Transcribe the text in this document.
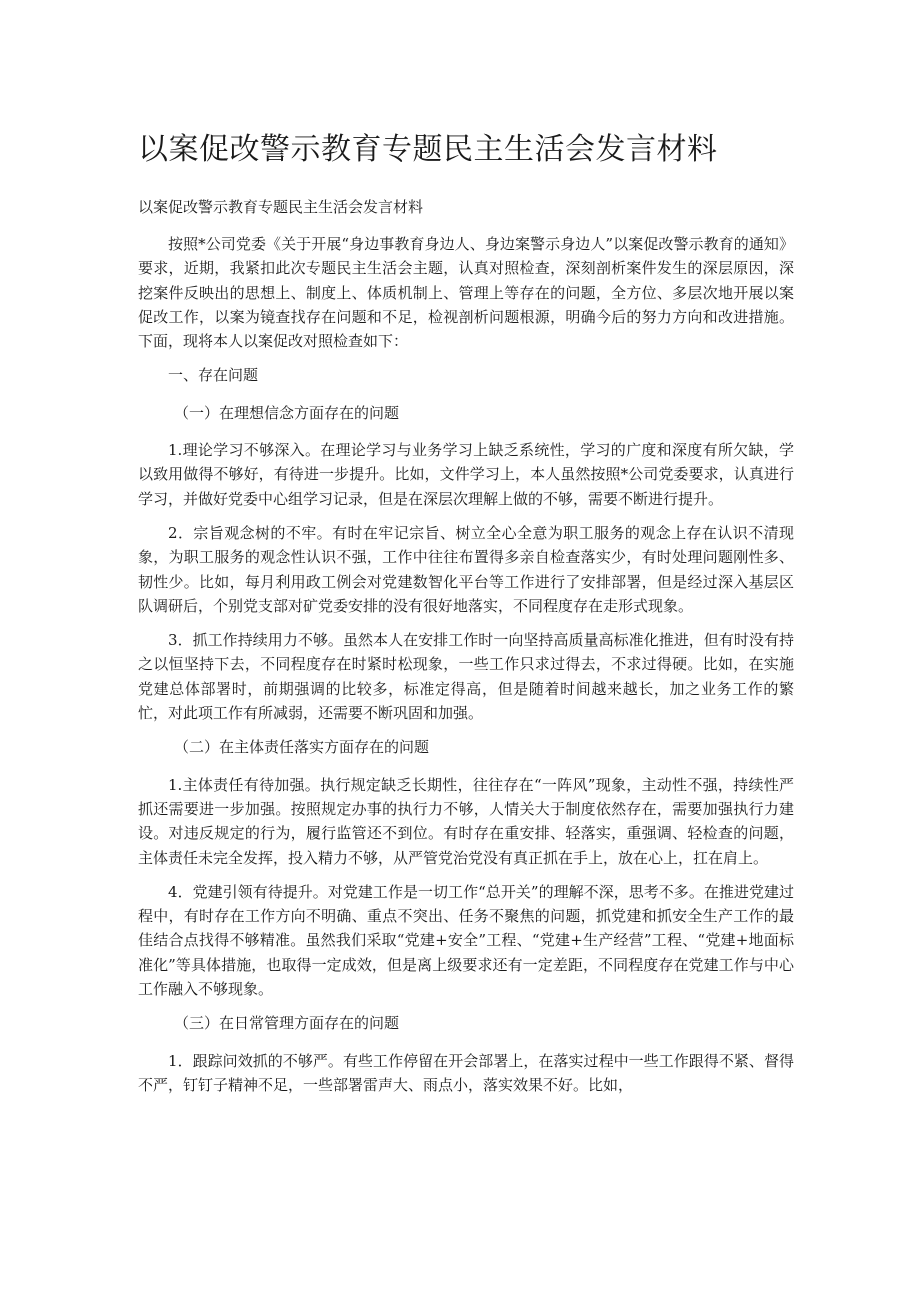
以案促改警示教育专题民主生活会发言材料
以案促改警示教育专题民主生活会发言材料

按照*公司党委《关于开展“身边事教育身边人、身边案警示身边人”以案促改警示教育的通知》要求，近期，我紧扣此次专题民主生活会主题，认真对照检查，深刻剖析案件发生的深层原因，深挖案件反映出的思想上、制度上、体质机制上、管理上等存在的问题，全方位、多层次地开展以案促改工作，以案为镜查找存在问题和不足，检视剖析问题根源，明确今后的努力方向和改进措施。下面，现将本人以案促改对照检查如下：

一、存在问题

（一）在理想信念方面存在的问题

1.理论学习不够深入。在理论学习与业务学习上缺乏系统性，学习的广度和深度有所欠缺，学以致用做得不够好，有待进一步提升。比如，文件学习上，本人虽然按照*公司党委要求，认真进行学习，并做好党委中心组学习记录，但是在深层次理解上做的不够，需要不断进行提升。

2．宗旨观念树的不牢。有时在牢记宗旨、树立全心全意为职工服务的观念上存在认识不清现象，为职工服务的观念性认识不强，工作中往往布置得多亲自检查落实少，有时处理问题刚性多、韧性少。比如，每月利用政工例会对党建数智化平台等工作进行了安排部署，但是经过深入基层区队调研后，个别党支部对矿党委安排的没有很好地落实，不同程度存在走形式现象。

3．抓工作持续用力不够。虽然本人在安排工作时一向坚持高质量高标准化推进，但有时没有持之以恒坚持下去，不同程度存在时紧时松现象，一些工作只求过得去，不求过得硬。比如，在实施党建总体部署时，前期强调的比较多，标准定得高，但是随着时间越来越长，加之业务工作的繁忙，对此项工作有所减弱，还需要不断巩固和加强。

（二）在主体责任落实方面存在的问题

1.主体责任有待加强。执行规定缺乏长期性，往往存在“一阵风”现象，主动性不强，持续性严抓还需要进一步加强。按照规定办事的执行力不够，人情关大于制度依然存在，需要加强执行力建设。对违反规定的行为，履行监管还不到位。有时存在重安排、轻落实，重强调、轻检查的问题，主体责任未完全发挥，投入精力不够，从严管党治党没有真正抓在手上，放在心上，扛在肩上。

4．党建引领有待提升。对党建工作是一切工作“总开关”的理解不深，思考不多。在推进党建过程中，有时存在工作方向不明确、重点不突出、任务不聚焦的问题，抓党建和抓安全生产工作的最佳结合点找得不够精准。虽然我们采取“党建+安全”工程、“党建+生产经营”工程、“党建+地面标准化”等具体措施，也取得一定成效，但是离上级要求还有一定差距，不同程度存在党建工作与中心工作融入不够现象。

（三）在日常管理方面存在的问题

1．跟踪问效抓的不够严。有些工作停留在开会部署上，在落实过程中一些工作跟得不紧、督得不严，钉钉子精神不足，一些部署雷声大、雨点小，落实效果不好。比如，
